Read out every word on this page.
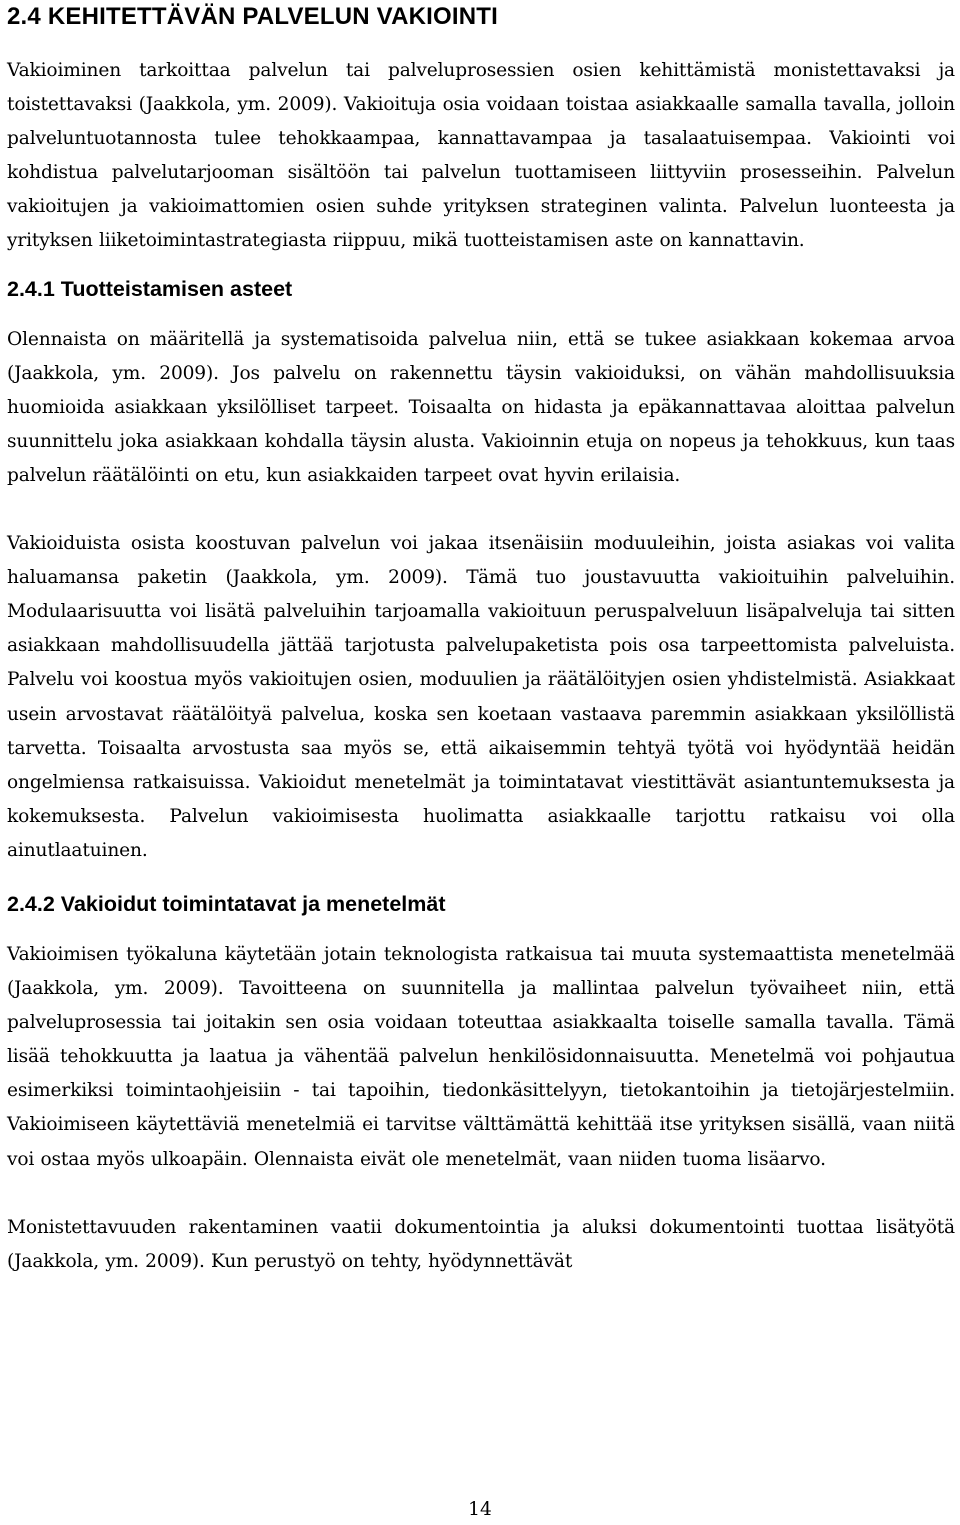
2.4 KEHITETTÄVÄN PALVELUN VAKIOINTI

Vakioiminen tarkoittaa palvelun tai palveluprosessien osien kehittämistä monistettavaksi ja toistettavaksi (Jaakkola, ym. 2009). Vakioituja osia voidaan toistaa asiakkaalle samalla tavalla, jolloin palveluntuotannosta tulee tehokkaampaa, kannattavampaa ja tasalaatuisempaa. Vakiointi voi kohdistua palvelutarjooman sisältöön tai palvelun tuottamiseen liittyviin prosesseihin. Palvelun vakioitujen ja vakioimattomien osien suhde yrityksen strateginen valinta. Palvelun luonteesta ja yrityksen liiketoimintastrategiasta riippuu, mikä tuotteistamisen aste on kannattavin.

2.4.1 Tuotteistamisen asteet

Olennaista on määritellä ja systematisoida palvelua niin, että se tukee asiakkaan kokemaa arvoa (Jaakkola, ym. 2009). Jos palvelu on rakennettu täysin vakioiduksi, on vähän mahdollisuuksia huomioida asiakkaan yksilölliset tarpeet. Toisaalta on hidasta ja epäkannattavaa aloittaa palvelun suunnittelu joka asiakkaan kohdalla täysin alusta. Vakioinnin etuja on nopeus ja tehokkuus, kun taas palvelun räätälöinti on etu, kun asiakkaiden tarpeet ovat hyvin erilaisia.

Vakioiduista osista koostuvan palvelun voi jakaa itsenäisiin moduuleihin, joista asiakas voi valita haluamansa paketin (Jaakkola, ym. 2009). Tämä tuo joustavuutta vakioituihin palveluihin. Modulaarisuutta voi lisätä palveluihin tarjoamalla vakioituun peruspalveluun lisäpalveluja tai sitten asiakkaan mahdollisuudella jättää tarjotusta palvelupaketista pois osa tarpeettomista palveluista. Palvelu voi koostua myös vakioitujen osien, moduulien ja räätälöityjen osien yhdistelmistä. Asiakkaat usein arvostavat räätälöityä palvelua, koska sen koetaan vastaava paremmin asiakkaan yksilöllistä tarvetta. Toisaalta arvostusta saa myös se, että aikaisemmin tehtyä työtä voi hyödyntää heidän ongelmiensa ratkaisuissa. Vakioidut menetelmät ja toimintatavat viestittävät asiantuntemuksesta ja kokemuksesta. Palvelun vakioimisesta huolimatta asiakkaalle tarjottu ratkaisu voi olla ainutlaatuinen.

2.4.2 Vakioidut toimintatavat ja menetelmät

Vakioimisen työkaluna käytetään jotain teknologista ratkaisua tai muuta systemaattista menetelmää (Jaakkola, ym. 2009). Tavoitteena on suunnitella ja mallintaa palvelun työvaiheet niin, että palveluprosessia tai joitakin sen osia voidaan toteuttaa asiakkaalta toiselle samalla tavalla. Tämä lisää tehokkuutta ja laatua ja vähentää palvelun henkilösidonnaisuutta. Menetelmä voi pohjautua esimerkiksi toimintaohjeisiin - tai tapoihin, tiedonkäsittelyyn, tietokantoihin ja tietojärjestelmiin. Vakioimiseen käytettäviä menetelmiä ei tarvitse välttämättä kehittää itse yrityksen sisällä, vaan niitä voi ostaa myös ulkoapäin. Olennaista eivät ole menetelmät, vaan niiden tuoma lisäarvo.

Monistettavuuden rakentaminen vaatii dokumentointia ja aluksi dokumentointi tuottaa lisätyötä (Jaakkola, ym. 2009). Kun perustyö on tehty, hyödynnettävät

14
